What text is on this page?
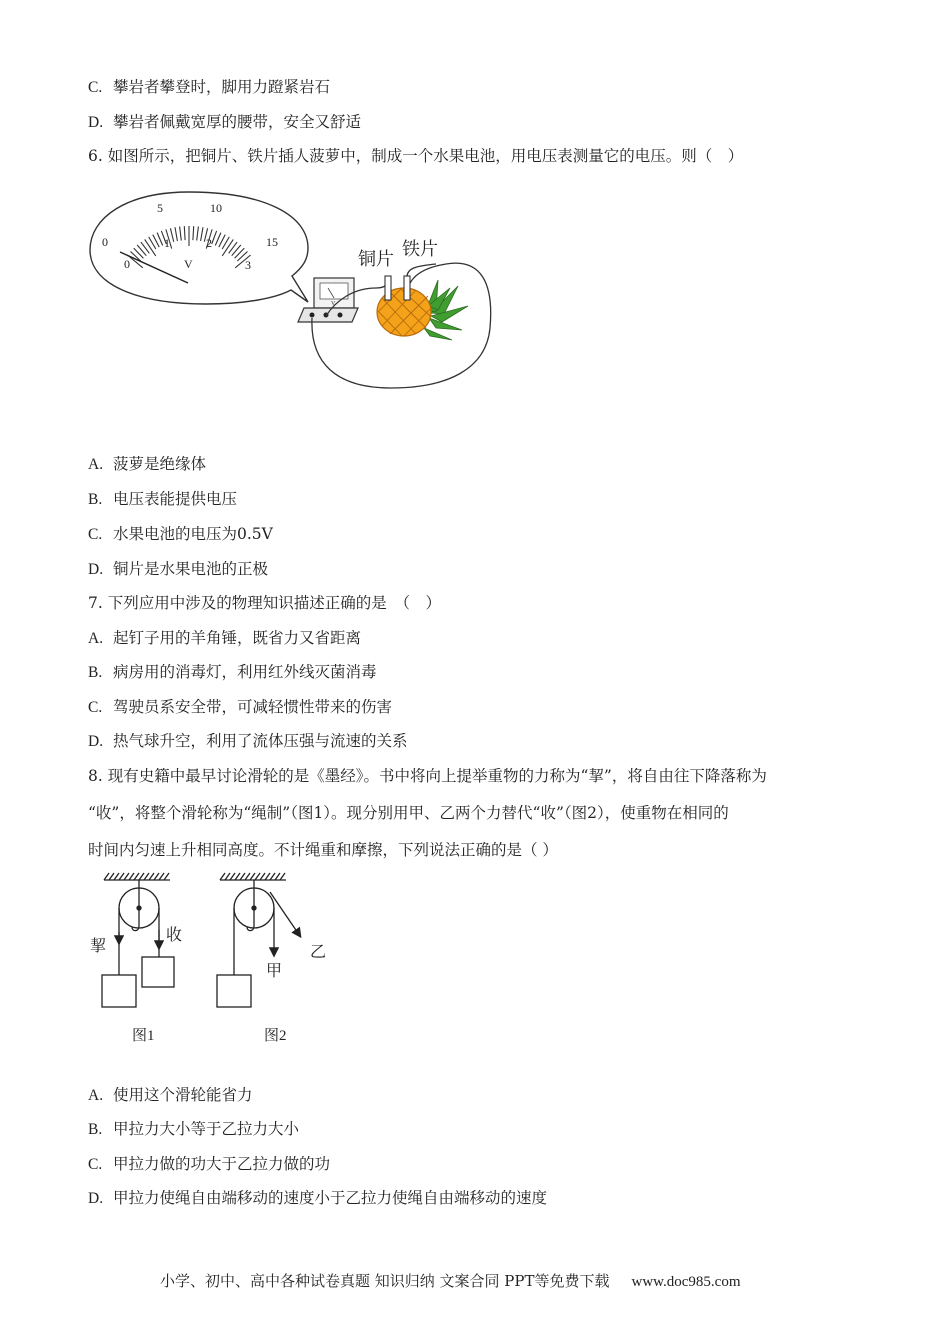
C. 攀岩者攀登时，脚用力蹬紧岩石
D. 攀岩者佩戴宽厚的腰带，安全又舒适
6. 如图所示，把铜片、铁片插人菠萝中，制成一个水果电池，用电压表测量它的电压。则（　）
0
5	10
15
0
1	2
3
V
V
铜片 铁片
A. 菠萝是绝缘体
B. 电压表能提供电压
C. 水果电池的电压为0.5V
D. 铜片是水果电池的正极
7. 下列应用中涉及的物理知识描述正确的是　（　）
A. 起钉子用的羊角锤，既省力又省距离
B. 病房用的消毒灯，利用红外线灭菌消毒
C. 驾驶员系安全带，可减轻惯性带来的伤害
D. 热气球升空，利用了流体压强与流速的关系
8. 现有史籍中最早讨论滑轮的是《墨经》。书中将向上提举重物的力称为“挈”，将自由往下降落称为
“收”，将整个滑轮称为“绳制”（图1）。现分别用甲、乙两个力替代“收”（图2），使重物在相同的
时间内匀速上升相同高度。不计绳重和摩擦，下列说法正确的是（ ）
挈
收
图1
甲
乙
图2
A. 使用这个滑轮能省力
B. 甲拉力大小等于乙拉力大小
C. 甲拉力做的功大于乙拉力做的功
D. 甲拉力使绳自由端移动的速度小于乙拉力使绳自由端移动的速度
小学、初中、高中各种试卷真题 知识归纳 文案合同 PPT等免费下载 www.doc985.com
